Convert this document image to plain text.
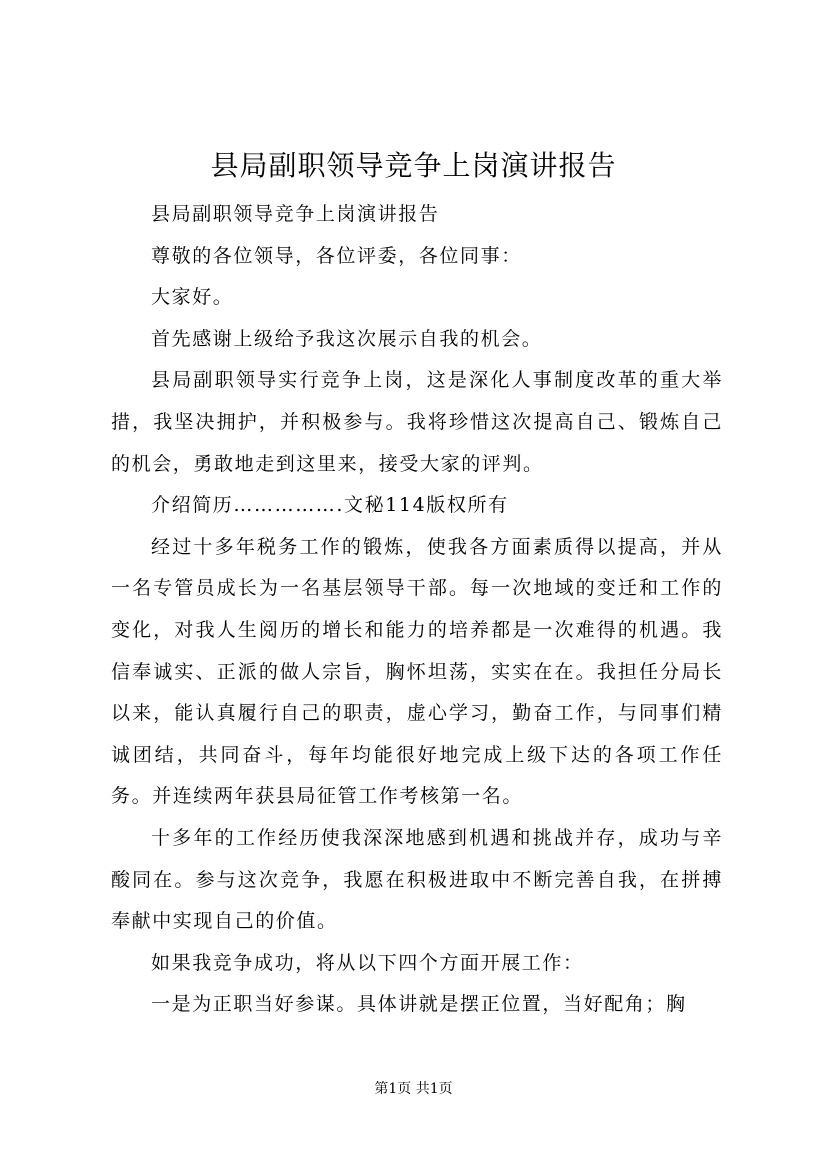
县局副职领导竞争上岗演讲报告

县局副职领导竞争上岗演讲报告

尊敬的各位领导，各位评委，各位同事：

大家好。

首先感谢上级给予我这次展示自我的机会。

县局副职领导实行竞争上岗，这是深化人事制度改革的重大举措，我坚决拥护，并积极参与。我将珍惜这次提高自己、锻炼自己的机会，勇敢地走到这里来，接受大家的评判。

介绍简历…………….文秘114版权所有

经过十多年税务工作的锻炼，使我各方面素质得以提高，并从一名专管员成长为一名基层领导干部。每一次地域的变迁和工作的变化，对我人生阅历的增长和能力的培养都是一次难得的机遇。我信奉诚实、正派的做人宗旨，胸怀坦荡，实实在在。我担任分局长以来，能认真履行自己的职责，虚心学习，勤奋工作，与同事们精诚团结，共同奋斗，每年均能很好地完成上级下达的各项工作任务。并连续两年获县局征管工作考核第一名。

十多年的工作经历使我深深地感到机遇和挑战并存，成功与辛酸同在。参与这次竞争，我愿在积极进取中不断完善自我，在拼搏奉献中实现自己的价值。

如果我竞争成功，将从以下四个方面开展工作：

一是为正职当好参谋。具体讲就是摆正位置，当好配角；胸

第1页 共1页
